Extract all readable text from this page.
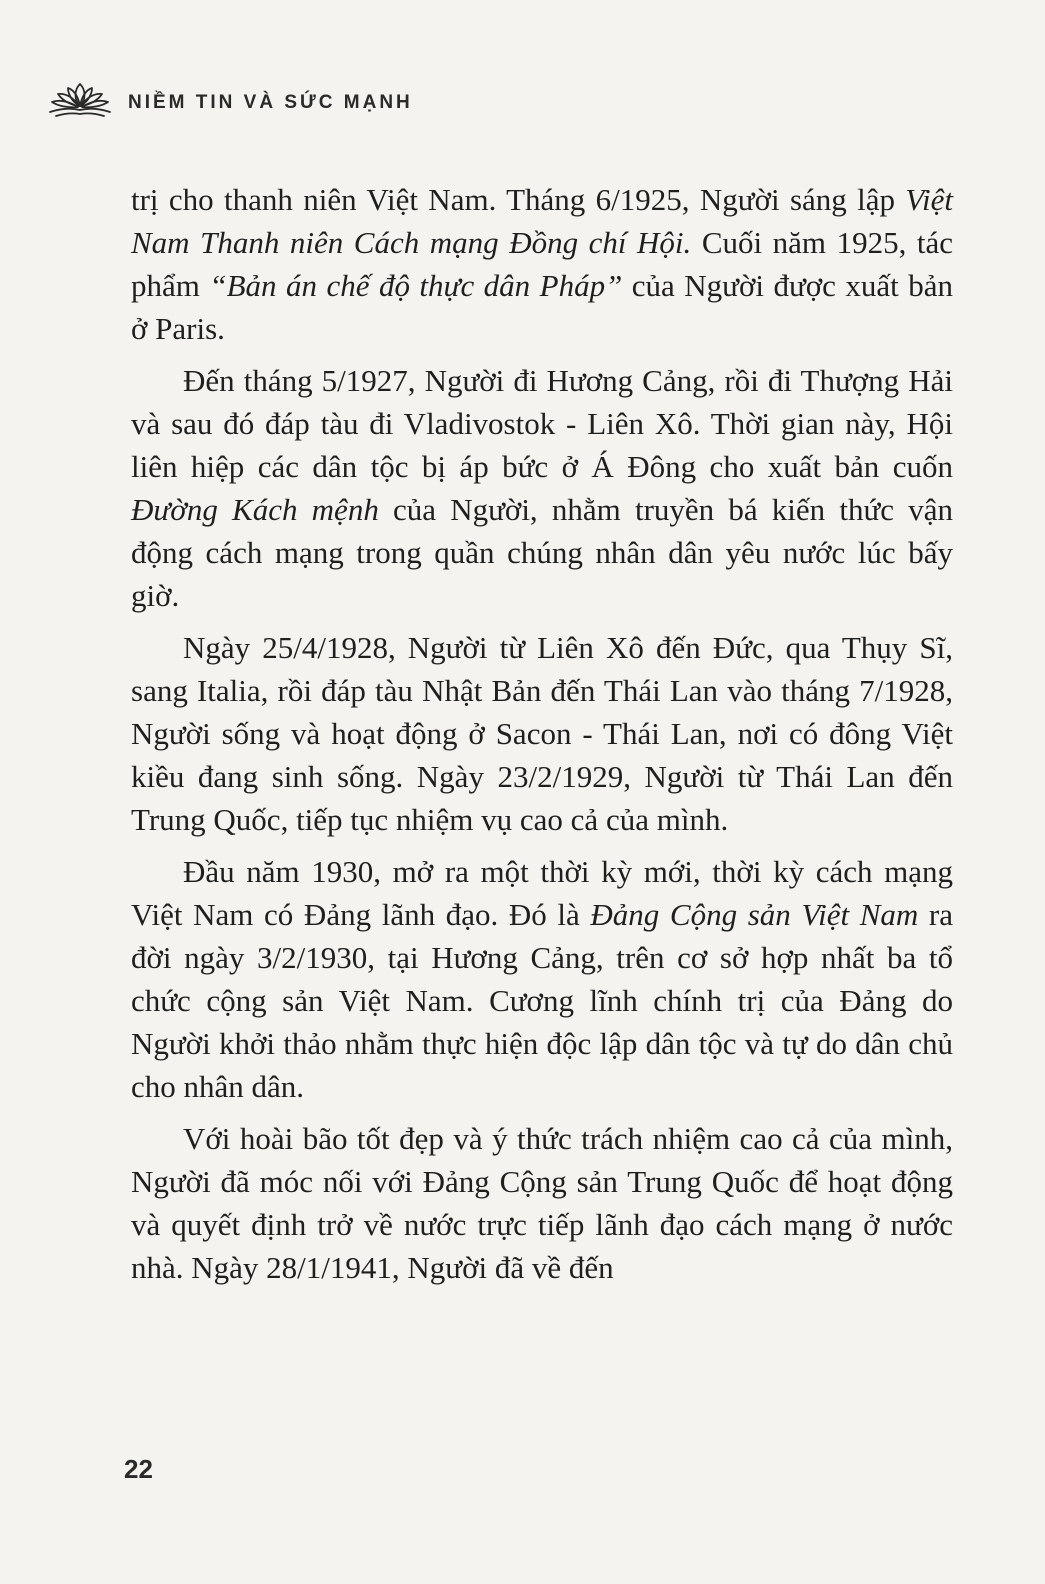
NIỀM TIN VÀ SỨC MẠNH

trị cho thanh niên Việt Nam. Tháng 6/1925, Người sáng lập Việt Nam Thanh niên Cách mạng Đồng chí Hội. Cuối năm 1925, tác phẩm “Bản án chế độ thực dân Pháp” của Người được xuất bản ở Paris.

Đến tháng 5/1927, Người đi Hương Cảng, rồi đi Thượng Hải và sau đó đáp tàu đi Vladivostok - Liên Xô. Thời gian này, Hội liên hiệp các dân tộc bị áp bức ở Á Đông cho xuất bản cuốn Đường Kách mệnh của Người, nhằm truyền bá kiến thức vận động cách mạng trong quần chúng nhân dân yêu nước lúc bấy giờ.

Ngày 25/4/1928, Người từ Liên Xô đến Đức, qua Thụy Sĩ, sang Italia, rồi đáp tàu Nhật Bản đến Thái Lan vào tháng 7/1928, Người sống và hoạt động ở Sacon - Thái Lan, nơi có đông Việt kiều đang sinh sống. Ngày 23/2/1929, Người từ Thái Lan đến Trung Quốc, tiếp tục nhiệm vụ cao cả của mình.

Đầu năm 1930, mở ra một thời kỳ mới, thời kỳ cách mạng Việt Nam có Đảng lãnh đạo. Đó là Đảng Cộng sản Việt Nam ra đời ngày 3/2/1930, tại Hương Cảng, trên cơ sở hợp nhất ba tổ chức cộng sản Việt Nam. Cương lĩnh chính trị của Đảng do Người khởi thảo nhằm thực hiện độc lập dân tộc và tự do dân chủ cho nhân dân.

Với hoài bão tốt đẹp và ý thức trách nhiệm cao cả của mình, Người đã móc nối với Đảng Cộng sản Trung Quốc để hoạt động và quyết định trở về nước trực tiếp lãnh đạo cách mạng ở nước nhà. Ngày 28/1/1941, Người đã về đến

22
